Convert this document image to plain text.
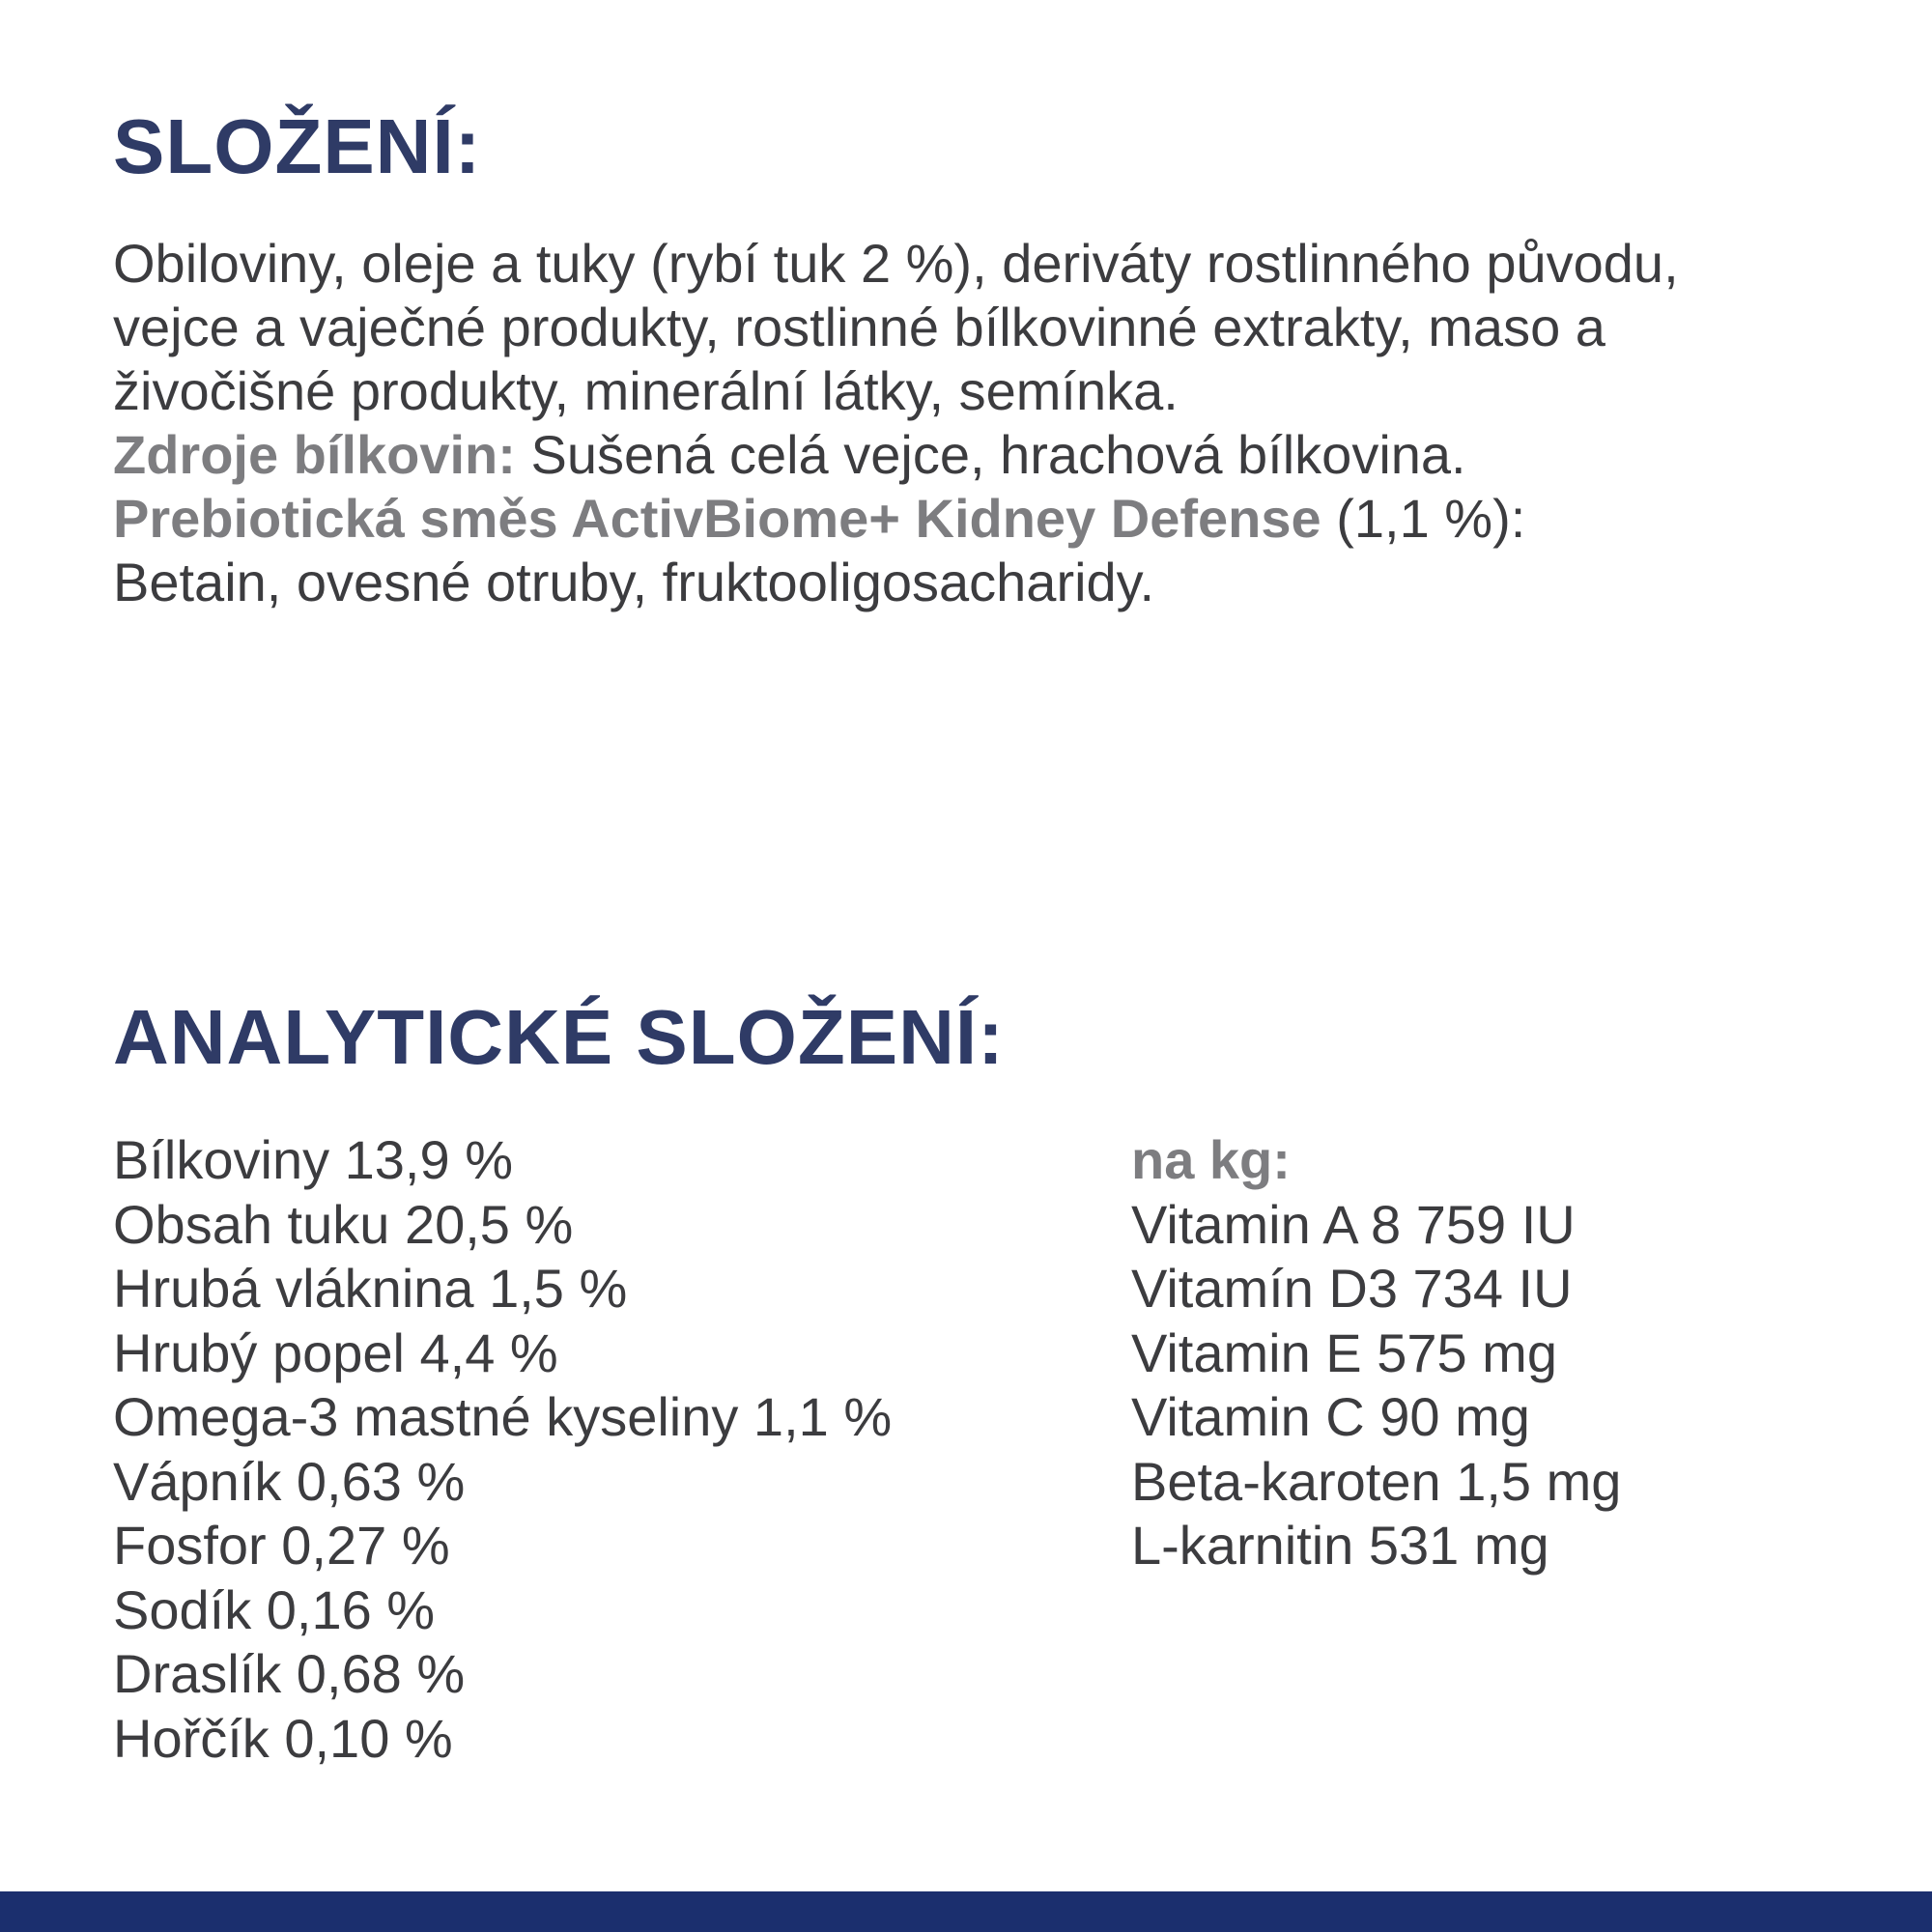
SLOŽENÍ:

Obiloviny, oleje a tuky (rybí tuk 2 %), deriváty rostlinného původu, vejce a vaječné produkty, rostlinné bílkovinné extrakty, maso a živočišné produkty, minerální látky, semínka.

Zdroje bílkovin: Sušená celá vejce, hrachová bílkovina.

Prebiotická směs ActivBiome+ Kidney Defense (1,1 %):
Betain, ovesné otruby, fruktooligosacharidy.

ANALYTICKÉ SLOŽENÍ:
Bílkoviny 13,9 %
Obsah tuku 20,5 %
Hrubá vláknina 1,5 %
Hrubý popel 4,4 %
Omega-3 mastné kyseliny 1,1 %
Vápník 0,63 %
Fosfor 0,27 %
Sodík 0,16 %
Draslík 0,68 %
Hořčík 0,10 %
na kg:
Vitamin A 8 759 IU
Vitamín D3 734 IU
Vitamin E 575 mg
Vitamin C 90 mg
Beta-karoten 1,5 mg
L-karnitin 531 mg
